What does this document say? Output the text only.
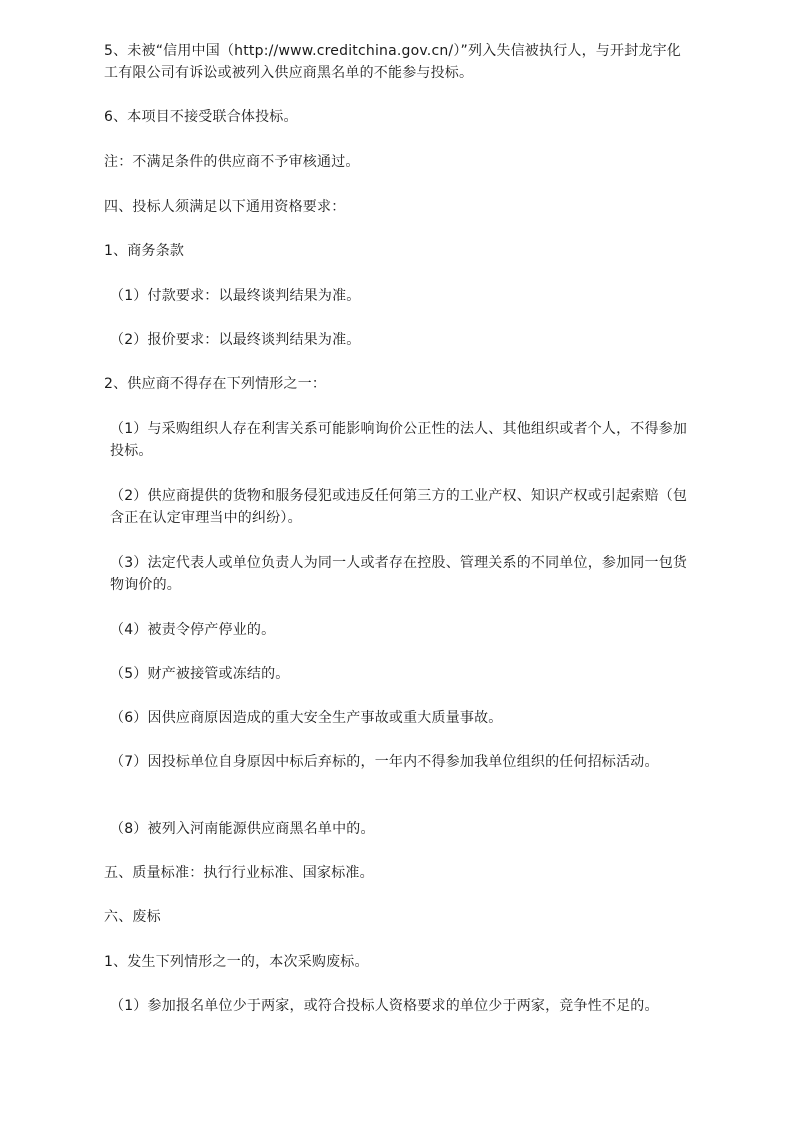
5、未被“信用中国（http://www.creditchina.gov.cn/）”列入失信被执行人，与开封龙宇化工有限公司有诉讼或被列入供应商黑名单的不能参与投标。

6、本项目不接受联合体投标。

注：不满足条件的供应商不予审核通过。

四、投标人须满足以下通用资格要求：

1、商务条款

（1）付款要求：以最终谈判结果为准。

（2）报价要求：以最终谈判结果为准。

2、供应商不得存在下列情形之一：

（1）与采购组织人存在利害关系可能影响询价公正性的法人、其他组织或者个人，不得参加投标。

（2）供应商提供的货物和服务侵犯或违反任何第三方的工业产权、知识产权或引起索赔（包含正在认定审理当中的纠纷）。

（3）法定代表人或单位负责人为同一人或者存在控股、管理关系的不同单位，参加同一包货物询价的。

（4）被责令停产停业的。

（5）财产被接管或冻结的。

（6）因供应商原因造成的重大安全生产事故或重大质量事故。

（7）因投标单位自身原因中标后弃标的，一年内不得参加我单位组织的任何招标活动。

（8）被列入河南能源供应商黑名单中的。

五、质量标准：执行行业标准、国家标准。

六、废标

1、发生下列情形之一的，本次采购废标。

（1）参加报名单位少于两家，或符合投标人资格要求的单位少于两家，竞争性不足的。
